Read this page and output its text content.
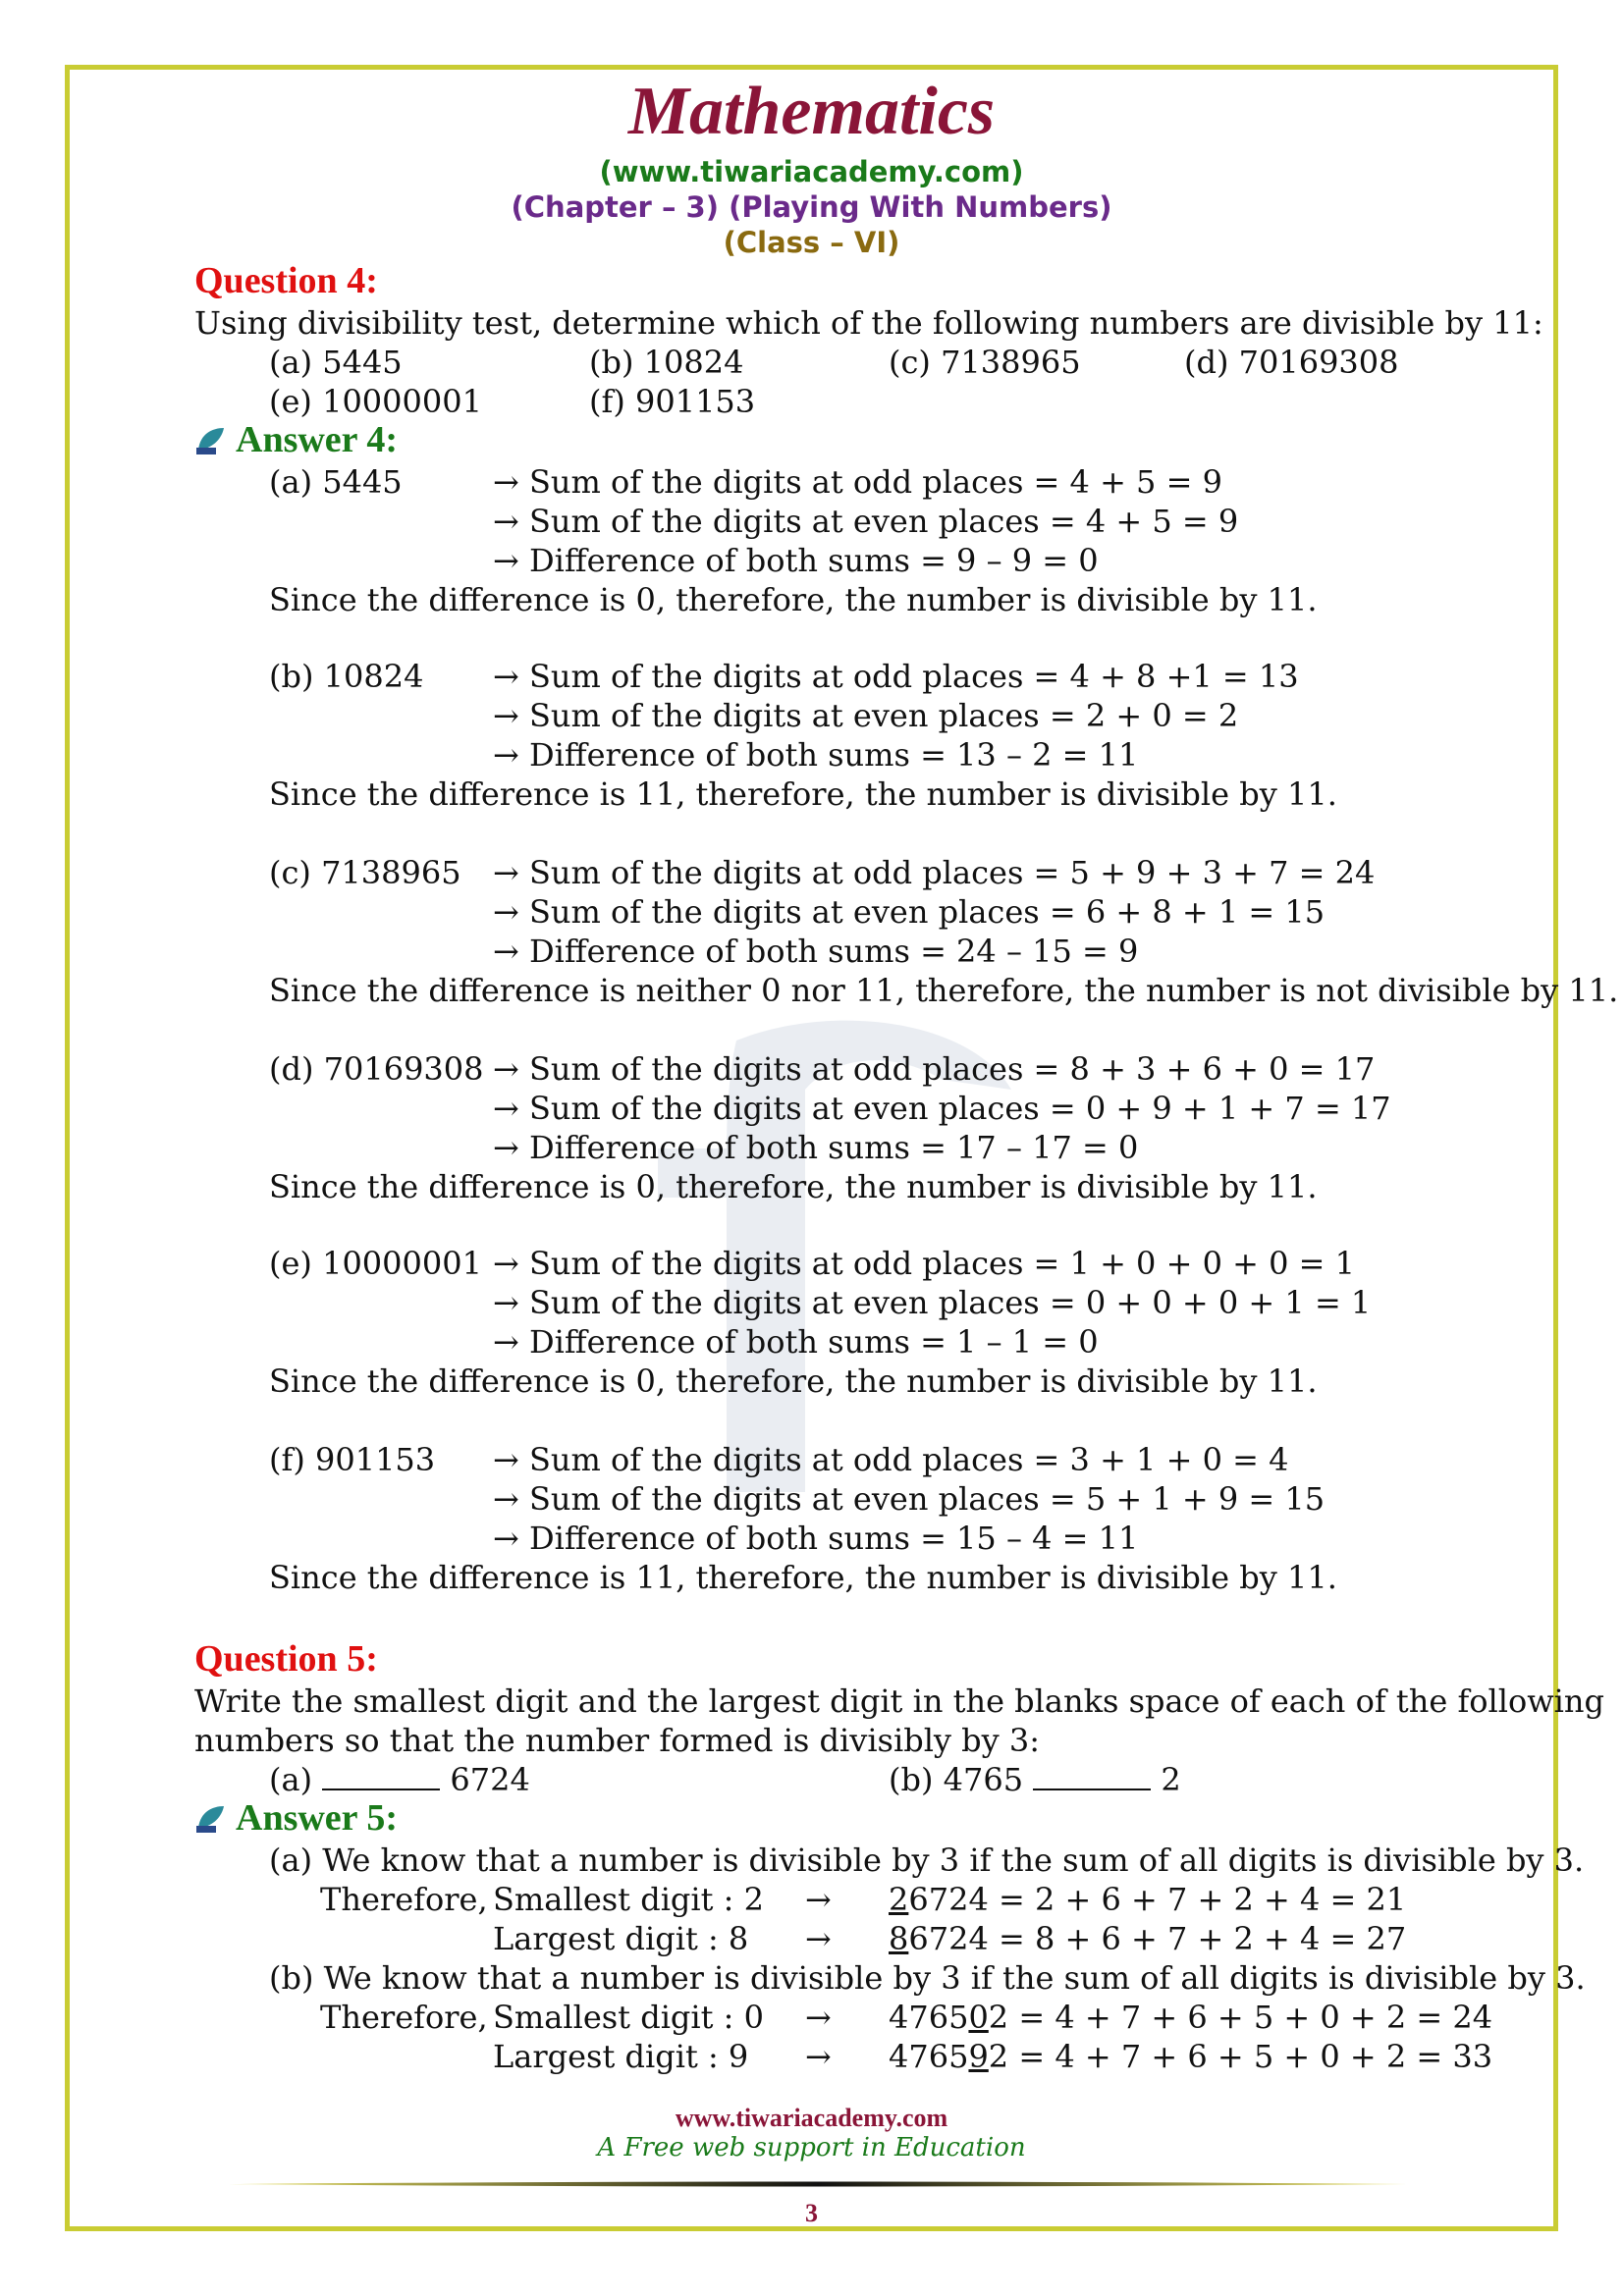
Mathematics
(www.tiwariacademy.com)
(Chapter – 3) (Playing With Numbers)
(Class – VI)
Question 4:
Using divisibility test, determine which of the following numbers are divisible by 11:
(a) 5445	(b) 10824	(c) 7138965	(d) 70169308
(e) 10000001	(f) 901153
Answer 4:
(a) 5445	→ Sum of the digits at odd places = 4 + 5 = 9
→ Sum of the digits at even places = 4 + 5 = 9
→ Difference of both sums = 9 – 9 = 0
Since the difference is 0, therefore, the number is divisible by 11.
(b) 10824 → Sum of the digits at odd places = 4 + 8 +1 = 13
→ Sum of the digits at even places = 2 + 0 = 2
→ Difference of both sums = 13 – 2 = 11
Since the difference is 11, therefore, the number is divisible by 11.
(c) 7138965 → Sum of the digits at odd places = 5 + 9 + 3 + 7 = 24
→ Sum of the digits at even places = 6 + 8 + 1 = 15
→ Difference of both sums = 24 – 15 = 9
Since the difference is neither 0 nor 11, therefore, the number is not divisible by 11.
(d) 70169308 → Sum of the digits at odd places = 8 + 3 + 6 + 0 = 17
→ Sum of the digits at even places = 0 + 9 + 1 + 7 = 17
→ Difference of both sums = 17 – 17 = 0
Since the difference is 0, therefore, the number is divisible by 11.
(e) 10000001 → Sum of the digits at odd places = 1 + 0 + 0 + 0 = 1
→ Sum of the digits at even places = 0 + 0 + 0 + 1 = 1
→ Difference of both sums = 1 – 1 = 0
Since the difference is 0, therefore, the number is divisible by 11.
(f) 901153 → Sum of the digits at odd places = 3 + 1 + 0 = 4
→ Sum of the digits at even places = 5 + 1 + 9 = 15
→ Difference of both sums = 15 – 4 = 11
Since the difference is 11, therefore, the number is divisible by 11.
Question 5:
Write the smallest digit and the largest digit in the blanks space of each of the following
numbers so that the number formed is divisibly by 3:
(a)	6724	(b) 4765	2
Answer 5:
(a) We know that a number is divisible by 3 if the sum of all digits is divisible by 3.
Therefore, Smallest digit : 2 → 26724 = 2 + 6 + 7 + 2 + 4 = 21
Largest digit : 8 → 86724 = 8 + 6 + 7 + 2 + 4 = 27
(b) We know that a number is divisible by 3 if the sum of all digits is divisible by 3.
Therefore, Smallest digit : 0 → 476502 = 4 + 7 + 6 + 5 + 0 + 2 = 24
Largest digit : 9 → 476592 = 4 + 7 + 6 + 5 + 0 + 2 = 33
www.tiwariacademy.com
A Free web support in Education
3
